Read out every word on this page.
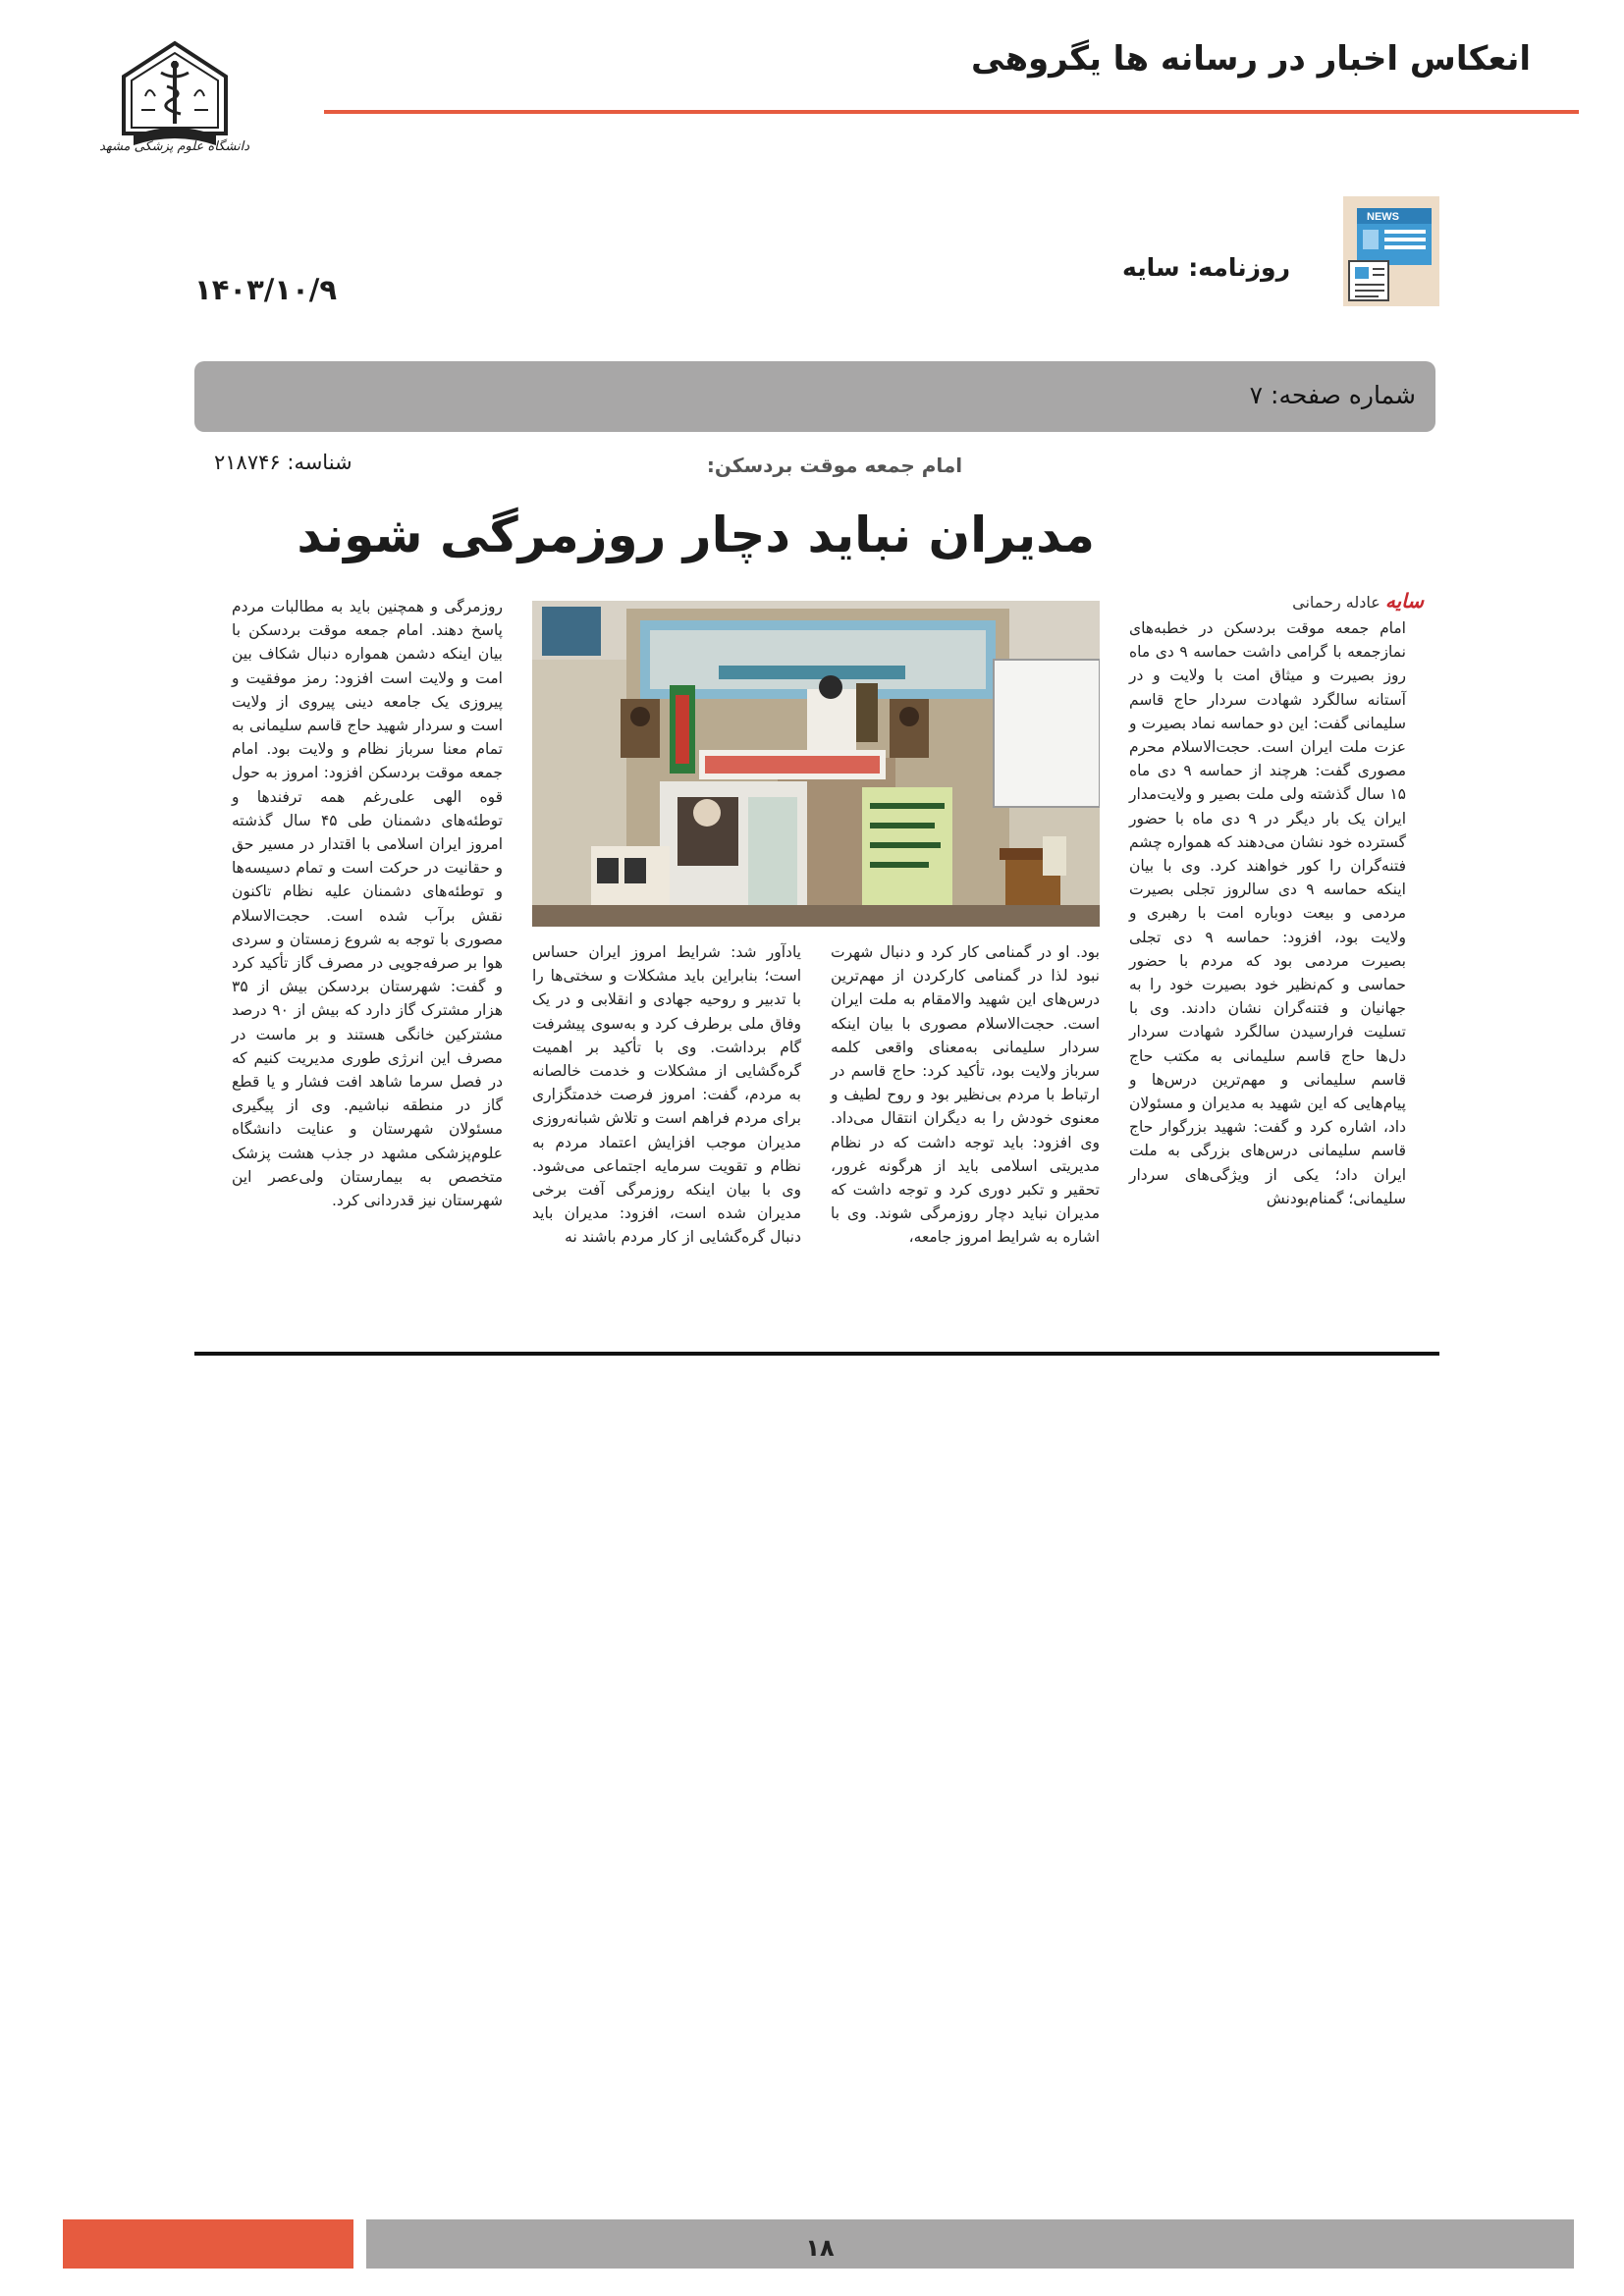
انعکاس اخبار در رسانه ها یگروهی
دانشگاه علوم پزشکی مشهد
NEWS
روزنامه: سایه
۱۴۰۳/۱۰/۹
شماره صفحه: ۷
شناسه: ۲۱۸۷۴۶	امام جمعه موقت بردسکن:
مدیران نباید دچار روزمرگی شوند
سایه عادله رحمانی
امام جمعه موقت بردسکن در خطبه‌های نمازجمعه با گرامی داشت حماسه ۹ دی ماه روز بصیرت و میثاق امت با ولایت و در آستانه سالگرد شهادت سردار حاج قاسم سلیمانی گفت: این دو حماسه نماد بصیرت و عزت ملت ایران است. حجت‌الاسلام محرم مصوری گفت: هرچند از حماسه ۹ دی ماه ۱۵ سال گذشته ولی ملت بصیر و ولایت‌مدار ایران یک بار دیگر در ۹ دی ماه با حضور گسترده خود نشان می‌دهند که همواره چشم فتنه‌گران را کور خواهند کرد. وی با بیان اینکه حماسه ۹ دی سالروز تجلی بصیرت مردمی و بیعت دوباره امت با رهبری و ولایت بود، افزود: حماسه ۹ دی تجلی بصیرت مردمی بود که مردم با حضور حماسی و کم‌نظیر خود بصیرت خود را به جهانیان و فتنه‌گران نشان دادند. وی با تسلیت فرارسیدن سالگرد شهادت سردار دل‌ها حاج قاسم سلیمانی به مکتب حاج قاسم سلیمانی و مهم‌ترین درس‌ها و پیام‌هایی که این شهید به مدیران و مسئولان داد، اشاره کرد و گفت: شهید بزرگوار حاج قاسم سلیمانی درس‌های بزرگی به ملت ایران داد؛ یکی از ویژگی‌های سردار سلیمانی؛ گمنام‌بودنش
بود. او در گمنامی کار کرد و دنبال شهرت نبود لذا در گمنامی کارکردن از مهم‌ترین درس‌های این شهید والامقام به ملت ایران است. حجت‌الاسلام مصوری با بیان اینکه سردار سلیمانی به‌معنای واقعی کلمه سرباز ولایت بود، تأکید کرد: حاج قاسم در ارتباط با مردم بی‌نظیر بود و روح لطیف و معنوی خودش را به دیگران انتقال می‌داد. وی افزود: باید توجه داشت که در نظام مدیریتی اسلامی باید از هرگونه غرور، تحقیر و تکبر دوری کرد و توجه داشت که مدیران نباید دچار روزمرگی شوند. وی با اشاره به شرایط امروز جامعه،
یادآور شد: شرایط امروز ایران حساس است؛ بنابراین باید مشکلات و سختی‌ها را با تدبیر و روحیه جهادی و انقلابی و در یک وفاق ملی برطرف کرد و به‌سوی پیشرفت گام برداشت. وی با تأکید بر اهمیت گره‌گشایی از مشکلات و خدمت خالصانه به مردم، گفت: امروز فرصت خدمتگزاری برای مردم فراهم است و تلاش شبانه‌روزی مدیران موجب افزایش اعتماد مردم به نظام و تقویت سرمایه اجتماعی می‌شود. وی با بیان اینکه روزمرگی آفت برخی مدیران شده است، افزود: مدیران باید دنبال گره‌گشایی از کار مردم باشند نه
روزمرگی و همچنین باید به مطالبات مردم پاسخ دهند. امام جمعه موقت بردسکن با بیان اینکه دشمن همواره دنبال شکاف بین امت و ولایت است افزود: رمز موفقیت و پیروزی یک جامعه دینی پیروی از ولایت است و سردار شهید حاج قاسم سلیمانی به تمام معنا سرباز نظام و ولایت بود. امام جمعه موقت بردسکن افزود: امروز به حول قوه الهی علی‌رغم همه ترفندها و توطئه‌های دشمنان طی ۴۵ سال گذشته امروز ایران اسلامی با اقتدار در مسیر حق و حقانیت در حرکت است و تمام دسیسه‌ها و توطئه‌های دشمنان علیه نظام تاکنون نقش برآب شده است. حجت‌الاسلام مصوری با توجه به شروع زمستان و سردی هوا بر صرفه‌جویی در مصرف گاز تأکید کرد و گفت: شهرستان بردسکن بیش از ۳۵ هزار مشترک گاز دارد که بیش از ۹۰ درصد مشترکین خانگی هستند و بر ماست در مصرف این انرژی طوری مدیریت کنیم که در فصل سرما شاهد افت فشار و یا قطع گاز در منطقه نباشیم. وی از پیگیری مسئولان شهرستان و عنایت دانشگاه علوم‌پزشکی مشهد در جذب هشت پزشک متخصص به بیمارستان ولی‌عصر این شهرستان نیز قدردانی کرد.
۱۸
